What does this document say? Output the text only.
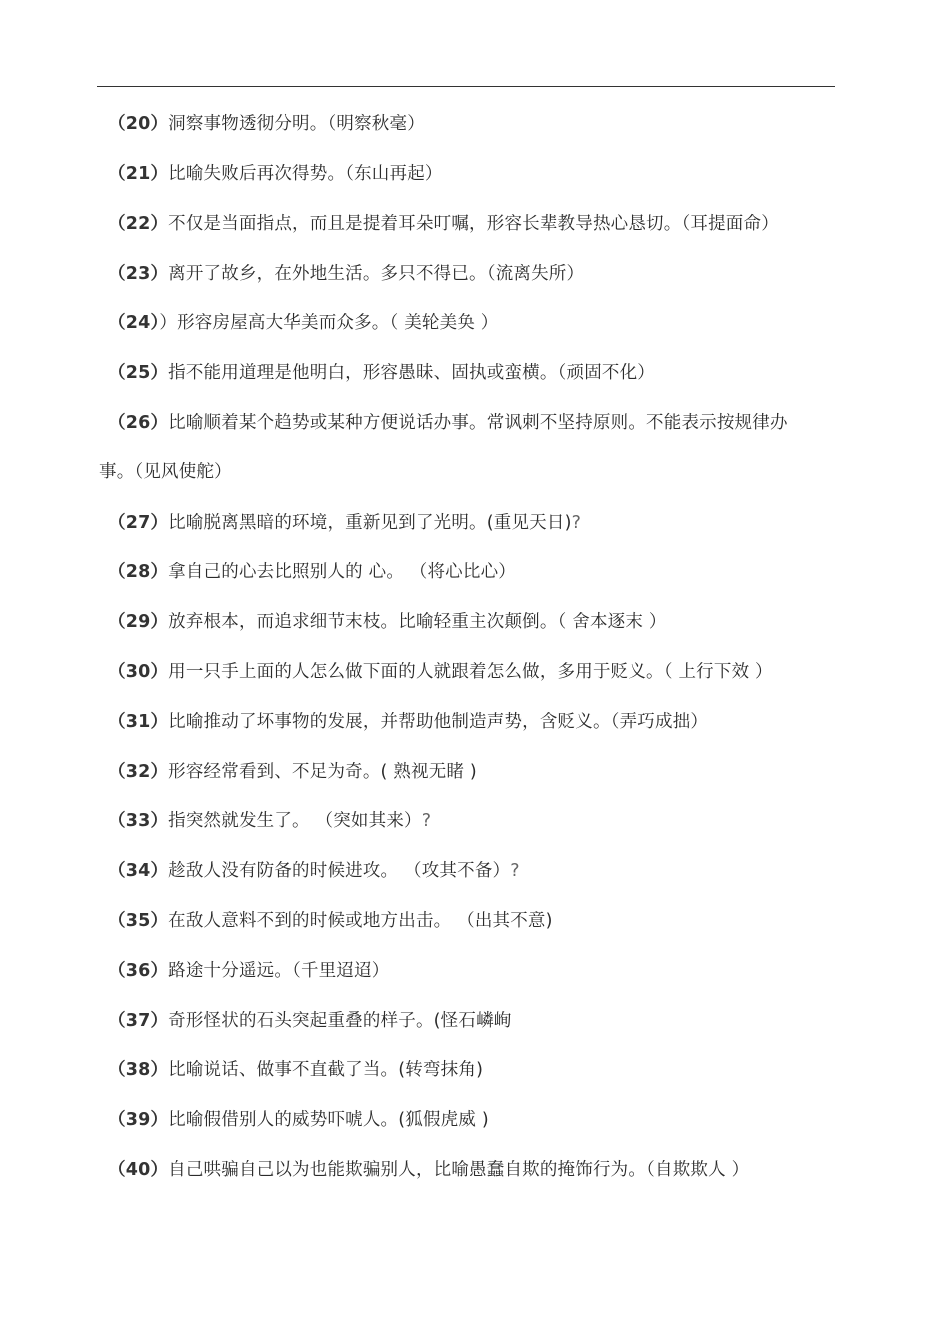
（20）洞察事物透彻分明。（明察秋毫）
（21）比喻失败后再次得势。（东山再起）
（22）不仅是当面指点，而且是提着耳朵叮嘱，形容长辈教导热心恳切。（耳提面命）
（23）离开了故乡，在外地生活。多只不得已。（流离失所）
（24））形容房屋高大华美而众多。（ 美轮美奂 ）
（25）指不能用道理是他明白，形容愚昧、固执或蛮横。（顽固不化）
（26）比喻顺着某个趋势或某种方便说话办事。常讽刺不坚持原则。不能表示按规律办
事。（见风使舵）
（27）比喻脱离黑暗的环境，重新见到了光明。(重见天日)?
（28）拿自己的心去比照别人的 心。 （将心比心）
（29）放弃根本，而追求细节末枝。比喻轻重主次颠倒。（ 舍本逐末 ）
（30）用一只手上面的人怎么做下面的人就跟着怎么做，多用于贬义。（ 上行下效 ）
（31）比喻推动了坏事物的发展，并帮助他制造声势，含贬义。（弄巧成拙）
（32）形容经常看到、不足为奇。( 熟视无睹 )
（33）指突然就发生了。 （突如其来）?
（34）趁敌人没有防备的时候进攻。 （攻其不备）?
（35）在敌人意料不到的时候或地方出击。 （出其不意)
（36）路途十分遥远。（千里迢迢）
（37）奇形怪状的石头突起重叠的样子。(怪石嶙峋
（38）比喻说话、做事不直截了当。(转弯抹角)
（39）比喻假借别人的威势吓唬人。(狐假虎威 )
（40）自己哄骗自己以为也能欺骗别人，比喻愚蠢自欺的掩饰行为。（自欺欺人 ）
